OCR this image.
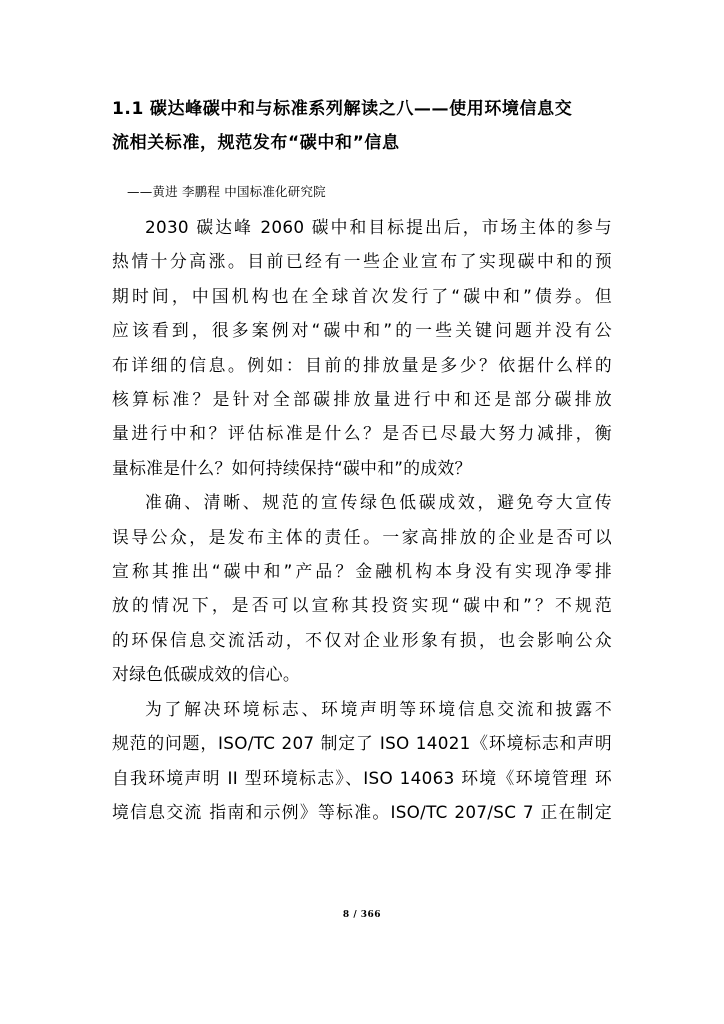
1.1 碳达峰碳中和与标准系列解读之八——使用环境信息交
流相关标准，规范发布“碳中和”信息
——黄进 李鹏程 中国标准化研究院
2030 碳达峰 2060 碳中和目标提出后，市场主体的参与
热情十分高涨。目前已经有一些企业宣布了实现碳中和的预
期时间，中国机构也在全球首次发行了“碳中和”债券。但
应该看到，很多案例对“碳中和”的一些关键问题并没有公
布详细的信息。例如：目前的排放量是多少？依据什么样的
核算标准？是针对全部碳排放量进行中和还是部分碳排放
量进行中和？评估标准是什么？是否已尽最大努力减排，衡
量标准是什么？如何持续保持“碳中和”的成效？
准确、清晰、规范的宣传绿色低碳成效，避免夸大宣传
误导公众，是发布主体的责任。一家高排放的企业是否可以
宣称其推出“碳中和”产品？金融机构本身没有实现净零排
放的情况下，是否可以宣称其投资实现“碳中和”？不规范
的环保信息交流活动，不仅对企业形象有损，也会影响公众
对绿色低碳成效的信心。
为了解决环境标志、环境声明等环境信息交流和披露不
规范的问题，ISO/TC 207 制定了 ISO 14021《环境标志和声明
自我环境声明 II 型环境标志》、ISO 14063 环境《环境管理 环
境信息交流 指南和示例》等标准。ISO/TC 207/SC 7 正在制定
8 / 366
